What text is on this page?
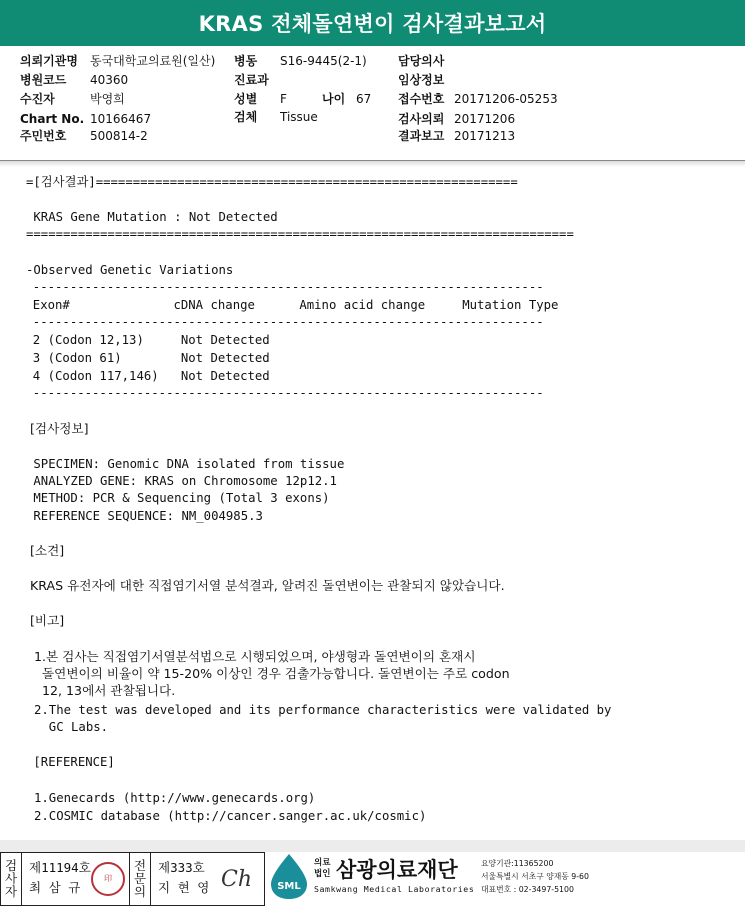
KRAS 전체돌연변이 검사결과보고서
의뢰기관명 동국대학교의료원(일산) 병동 S16-9445(2-1)	담당의사
병원코드 40360	진료과	임상정보
수진자	박영희	성별 F	나이 67 접수번호 20171206-05253
Chart No. 10166467	검체 Tissue	검사의뢰 20171206
주민번호 500814-2	결과보고 20171213
=[검사결과]=========================================================
KRAS Gene Mutation : Not Detected
==========================================================================
-Observed Genetic Variations
---------------------------------------------------------------------
Exon#              cDNA change      Amino acid change     Mutation Type
---------------------------------------------------------------------
2 (Codon 12,13)     Not Detected
3 (Codon 61)        Not Detected
4 (Codon 117,146)   Not Detected
---------------------------------------------------------------------
[검사정보]
SPECIMEN: Genomic DNA isolated from tissue
ANALYZED GENE: KRAS on Chromosome 12p12.1
METHOD: PCR & Sequencing (Total 3 exons)
REFERENCE SEQUENCE: NM_004985.3
[소견]
KRAS 유전자에 대한 직접염기서열 분석결과, 알려진 돌연변이는 관찰되지 않았습니다.
[비고]
1.본 검사는 직접염기서열분석법으로 시행되었으며, 야생형과 돌연변이의 혼재시
돌연변이의 비율이 약 15-20% 이상인 경우 검출가능합니다. 돌연변이는 주로 codon
12, 13에서 관찰됩니다.
2.The test was developed and its performance characteristics were validated by
GC Labs.
[REFERENCE]
1.Genecards (http://www.genecards.org)
2.COSMIC database (http://cancer.sanger.ac.uk/cosmic)
검사자
제11194호
최 삼 규
印
전문의
제333호
지 현 영 Ch	SML
의료
법인 삼광의료재단
Samkwang Medical Laboratories
요양기관:11365200
서울특별시 서초구 양재동 9-60
대표번호 : 02-3497-5100
